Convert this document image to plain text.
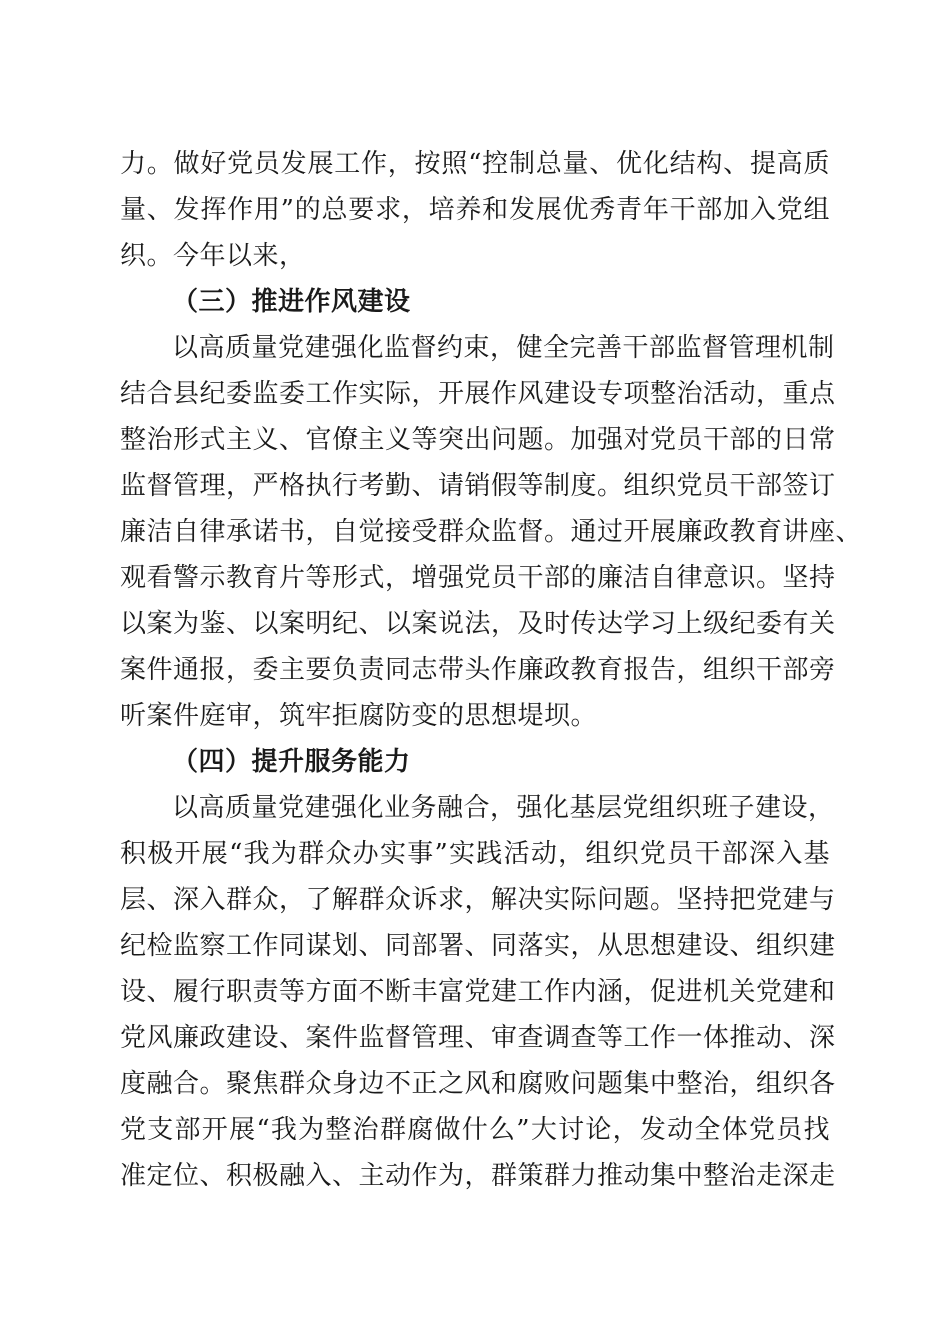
力。做好党员发展工作，按照“控制总量、优化结构、提高质
量、发挥作用”的总要求，培养和发展优秀青年干部加入党组
织。今年以来，
（三）推进作风建设
以高质量党建强化监督约束，健全完善干部监督管理机制
结合县纪委监委工作实际，开展作风建设专项整治活动，重点
整治形式主义、官僚主义等突出问题。加强对党员干部的日常
监督管理，严格执行考勤、请销假等制度。组织党员干部签订
廉洁自律承诺书，自觉接受群众监督。通过开展廉政教育讲座、
观看警示教育片等形式，增强党员干部的廉洁自律意识。坚持
以案为鉴、以案明纪、以案说法，及时传达学习上级纪委有关
案件通报，委主要负责同志带头作廉政教育报告，组织干部旁
听案件庭审，筑牢拒腐防变的思想堤坝。
（四）提升服务能力
以高质量党建强化业务融合，强化基层党组织班子建设，
积极开展“我为群众办实事”实践活动，组织党员干部深入基
层、深入群众，了解群众诉求，解决实际问题。坚持把党建与
纪检监察工作同谋划、同部署、同落实，从思想建设、组织建
设、履行职责等方面不断丰富党建工作内涵，促进机关党建和
党风廉政建设、案件监督管理、审查调查等工作一体推动、深
度融合。聚焦群众身边不正之风和腐败问题集中整治，组织各
党支部开展“我为整治群腐做什么”大讨论，发动全体党员找
准定位、积极融入、主动作为，群策群力推动集中整治走深走
